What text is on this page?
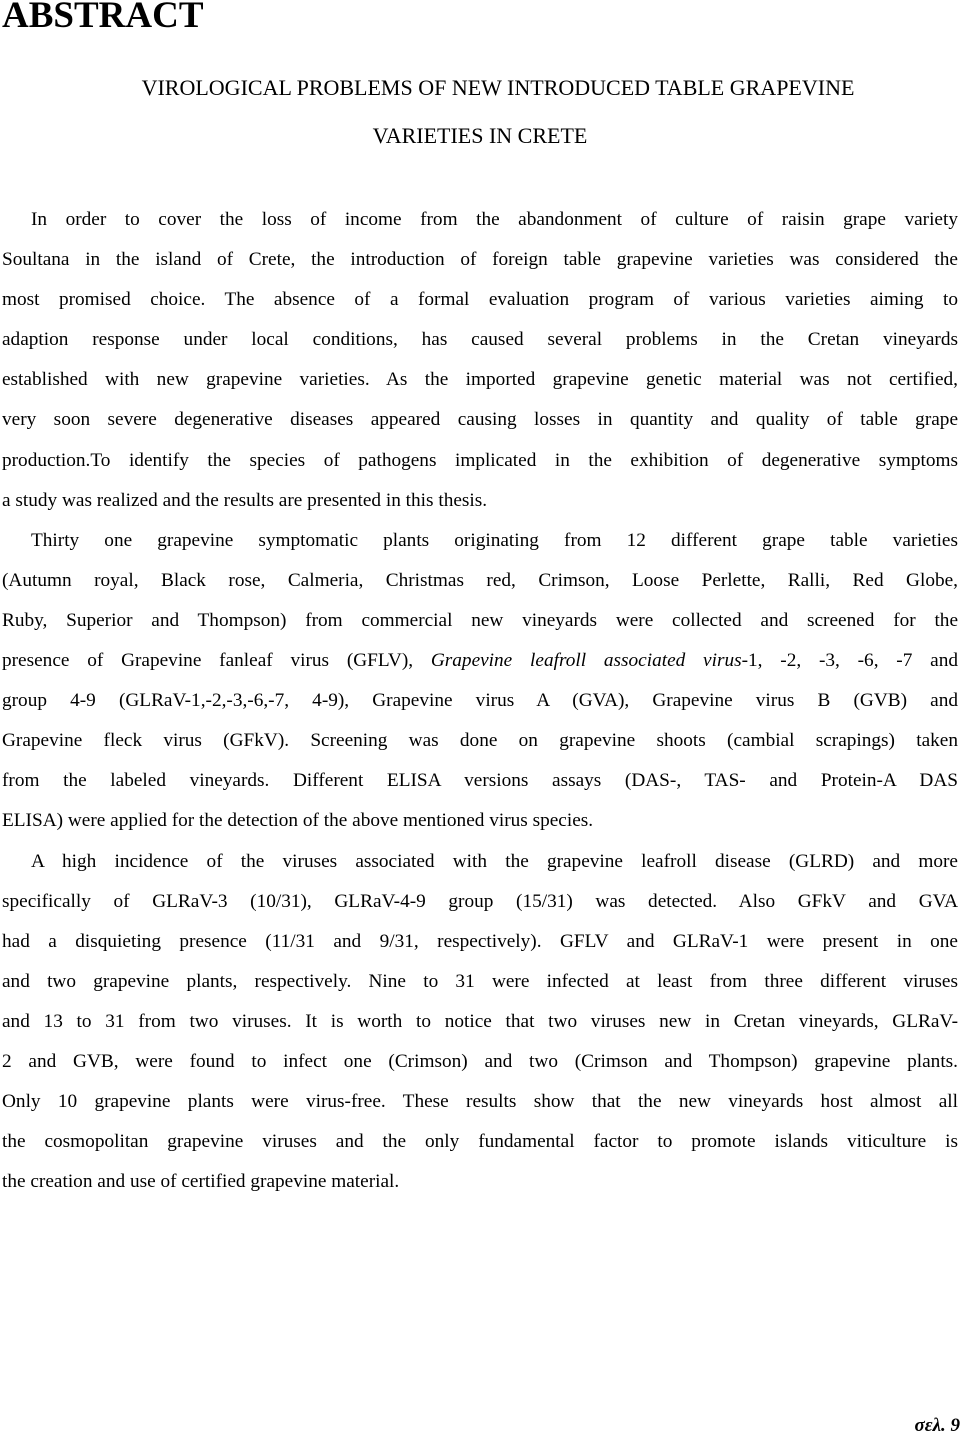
ABSTRACT
VIROLOGICAL PROBLEMS OF NEW INTRODUCED TABLE GRAPEVINE
VARIETIES IN CRETE
In order to cover the loss of income from the abandonment of culture of raisin grape variety
Soultana in the island of Crete, the introduction of foreign table grapevine varieties was considered the
most promised choice. The absence of a formal evaluation program of various varieties aiming to
adaption response under local conditions, has caused several problems in the Cretan vineyards
established with new grapevine varieties. As the imported grapevine genetic material was not certified,
very soon severe degenerative diseases appeared causing losses in quantity and quality of table grape
production.To identify the species of pathogens implicated in the exhibition of degenerative symptoms
a study was realized and the results are presented in this thesis.
Thirty one grapevine symptomatic plants originating from 12 different grape table varieties
(Autumn royal, Black rose, Calmeria, Christmas red, Crimson, Loose Perlette, Ralli, Red Globe,
Ruby, Superior and Thompson) from commercial new vineyards were collected and screened for the
presence of Grapevine fanleaf virus (GFLV), Grapevine leafroll associated virus-1, -2, -3, -6, -7 and
group 4-9 (GLRaV-1,-2,-3,-6,-7, 4-9), Grapevine virus A (GVA), Grapevine virus B (GVB) and
Grapevine fleck virus (GFkV). Screening was done on grapevine shoots (cambial scrapings) taken
from the labeled vineyards. Different ELISA versions assays (DAS-, TAS- and Protein-A DAS
ELISA) were applied for the detection of the above mentioned virus species.
A high incidence of the viruses associated with the grapevine leafroll disease (GLRD) and more
specifically of GLRaV-3 (10/31), GLRaV-4-9 group (15/31) was detected. Also GFkV and GVA
had a disquieting presence (11/31 and 9/31, respectively). GFLV and GLRaV-1 were present in one
and two grapevine plants, respectively. Nine to 31 were infected at least from three different viruses
and 13 to 31 from two viruses. It is worth to notice that two viruses new in Cretan vineyards, GLRaV-
2 and GVB, were found to infect one (Crimson) and two (Crimson and Thompson) grapevine plants.
Only 10 grapevine plants were virus-free. These results show that the new vineyards host almost all
the cosmopolitan grapevine viruses and the only fundamental factor to promote islands viticulture is
the creation and use of certified grapevine material.
σελ. 9
